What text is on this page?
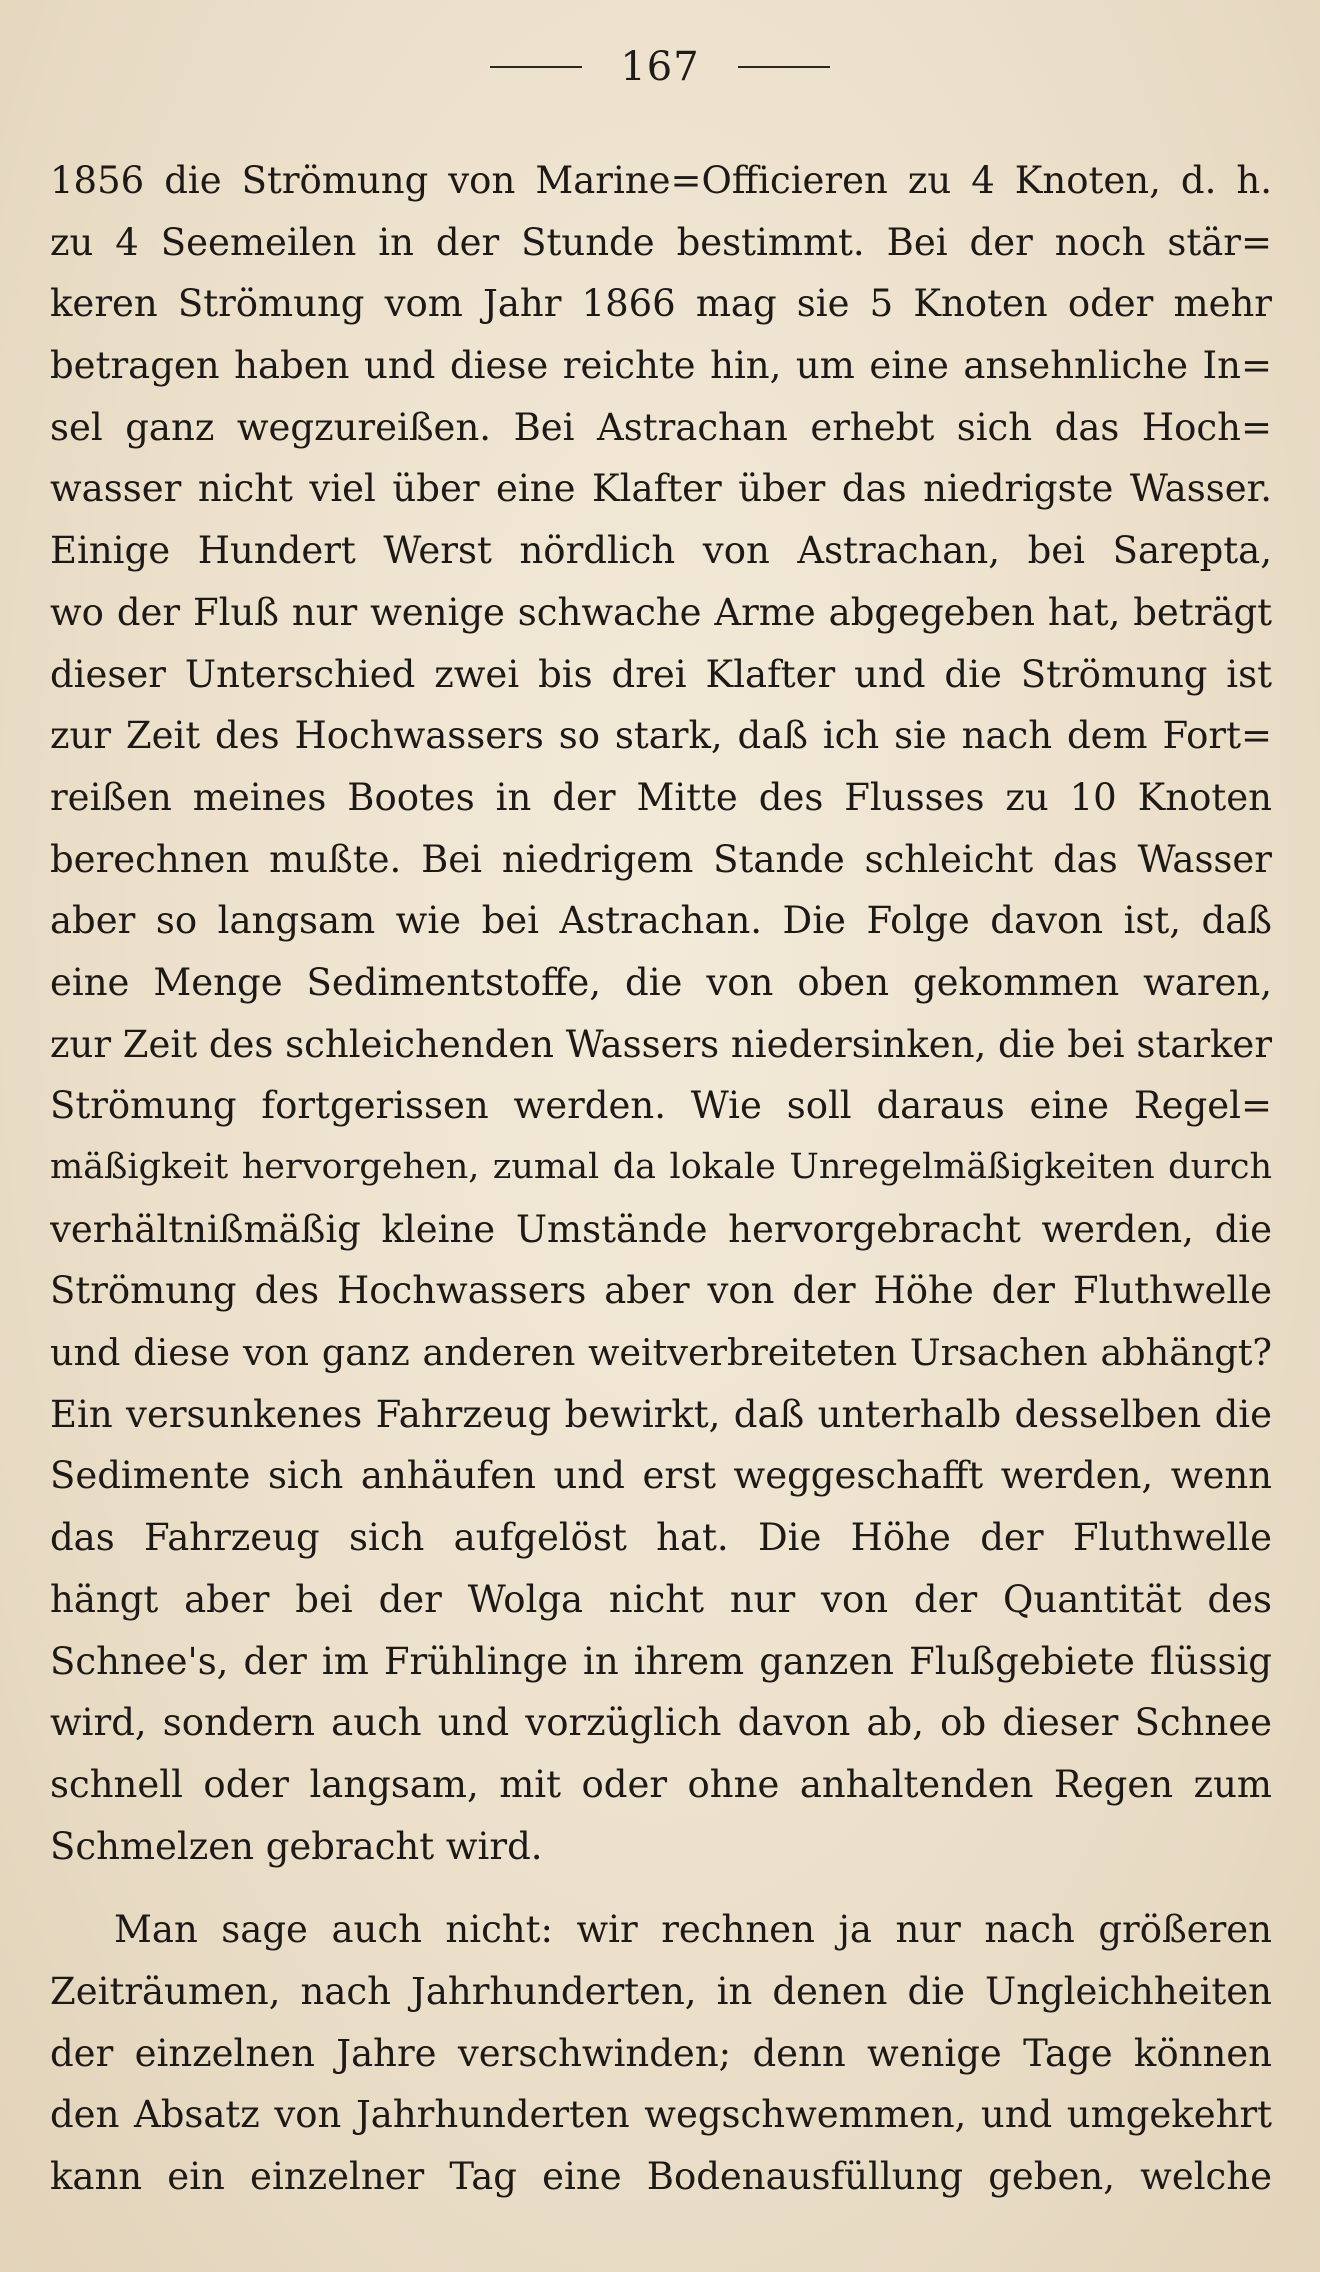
167
1856 die Strömung von Marine=Officieren zu 4 Knoten, d. h.
zu 4 Seemeilen in der Stunde bestimmt. Bei der noch stär=
keren Strömung vom Jahr 1866 mag sie 5 Knoten oder mehr
betragen haben und diese reichte hin, um eine ansehnliche In=
sel ganz wegzureißen. Bei Astrachan erhebt sich das Hoch=
wasser nicht viel über eine Klafter über das niedrigste Wasser.
Einige Hundert Werst nördlich von Astrachan, bei Sarepta,
wo der Fluß nur wenige schwache Arme abgegeben hat, beträgt
dieser Unterschied zwei bis drei Klafter und die Strömung ist
zur Zeit des Hochwassers so stark, daß ich sie nach dem Fort=
reißen meines Bootes in der Mitte des Flusses zu 10 Knoten
berechnen mußte. Bei niedrigem Stande schleicht das Wasser
aber so langsam wie bei Astrachan. Die Folge davon ist, daß
eine Menge Sedimentstoffe, die von oben gekommen waren,
zur Zeit des schleichenden Wassers niedersinken, die bei starker
Strömung fortgerissen werden. Wie soll daraus eine Regel=
mäßigkeit hervorgehen, zumal da lokale Unregelmäßigkeiten durch
verhältnißmäßig kleine Umstände hervorgebracht werden, die
Strömung des Hochwassers aber von der Höhe der Fluthwelle
und diese von ganz anderen weitverbreiteten Ursachen abhängt?
Ein versunkenes Fahrzeug bewirkt, daß unterhalb desselben die
Sedimente sich anhäufen und erst weggeschafft werden, wenn
das Fahrzeug sich aufgelöst hat. Die Höhe der Fluthwelle
hängt aber bei der Wolga nicht nur von der Quantität des
Schnee's, der im Frühlinge in ihrem ganzen Flußgebiete flüssig
wird, sondern auch und vorzüglich davon ab, ob dieser Schnee
schnell oder langsam, mit oder ohne anhaltenden Regen zum
Schmelzen gebracht wird.
Man sage auch nicht: wir rechnen ja nur nach größeren
Zeiträumen, nach Jahrhunderten, in denen die Ungleichheiten
der einzelnen Jahre verschwinden; denn wenige Tage können
den Absatz von Jahrhunderten wegschwemmen, und umgekehrt
kann ein einzelner Tag eine Bodenausfüllung geben, welche
